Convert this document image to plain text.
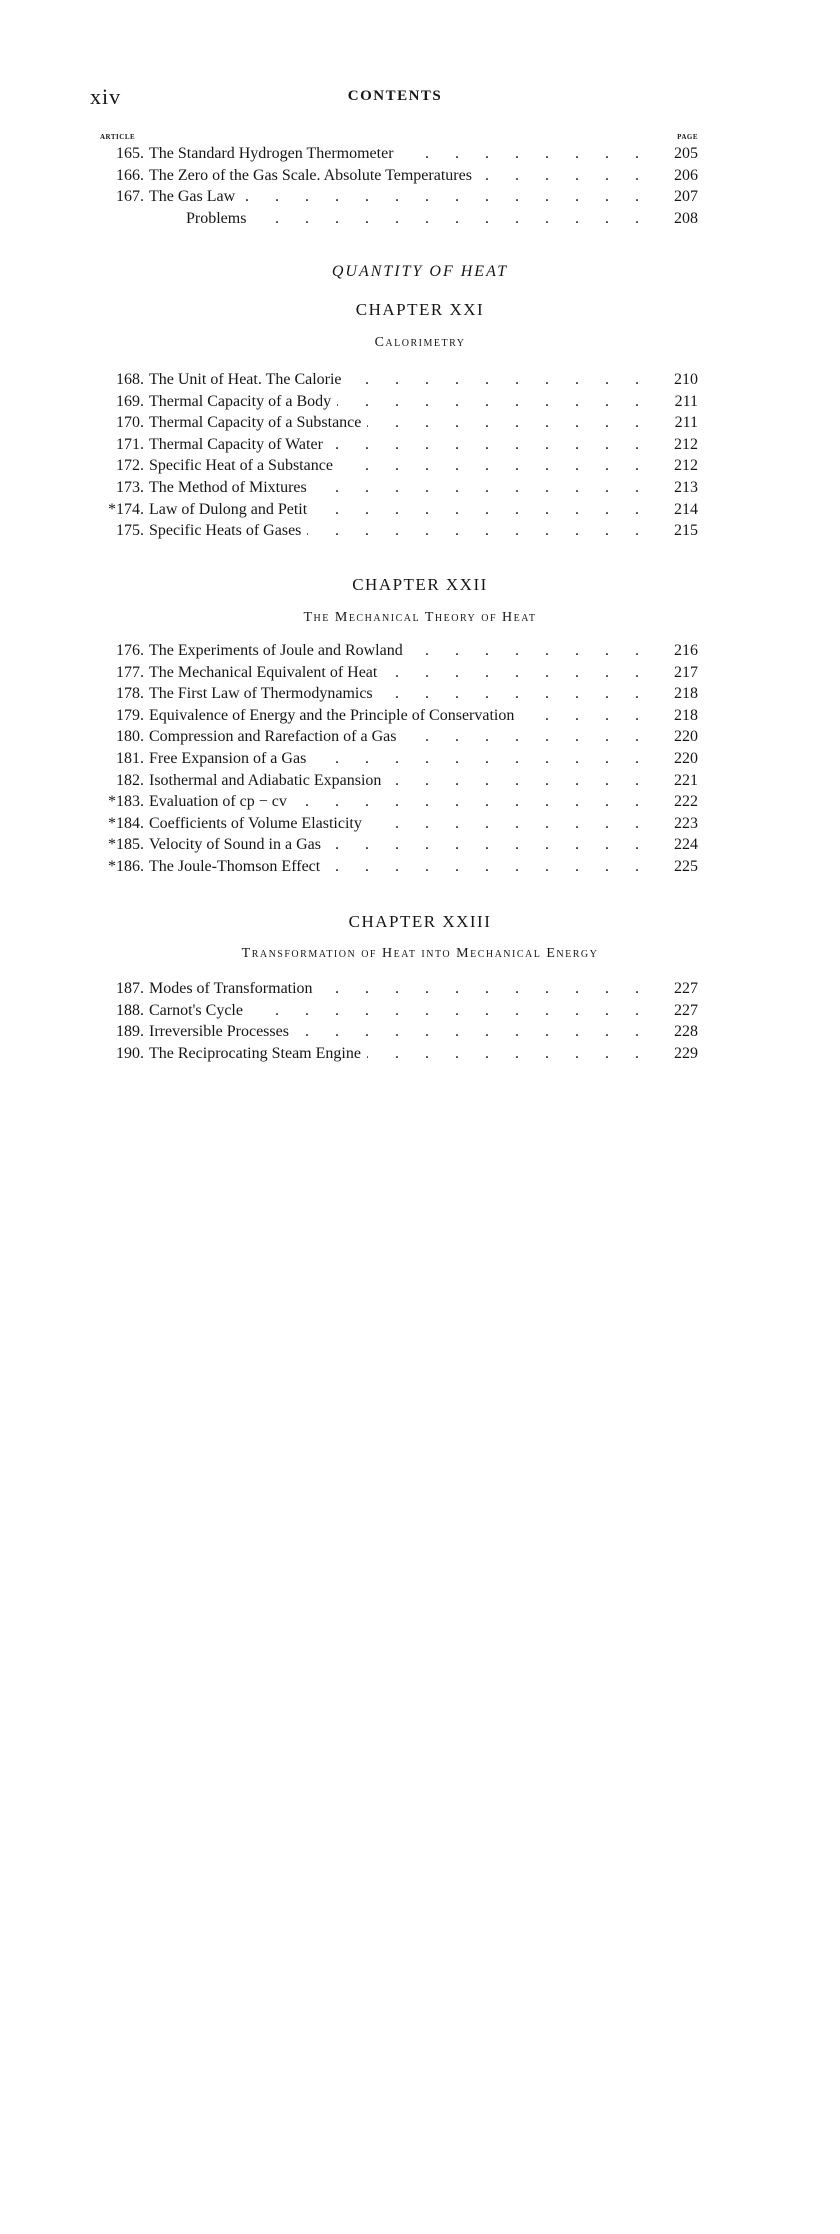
xiv	CONTENTS
ARTICLE	PAGE
165. The Standard Hydrogen Thermometer . . .	205
166. The Zero of the Gas Scale. Absolute Temperatures . . .	206
167. The Gas Law . . .	207
Problems . . .	208
QUANTITY OF HEAT
CHAPTER XXI
Calorimetry
168. The Unit of Heat. The Calorie . . .	210
169. Thermal Capacity of a Body . . .	211
170. Thermal Capacity of a Substance . . .	211
171. Thermal Capacity of Water . . .	212
172. Specific Heat of a Substance . . .	212
173. The Method of Mixtures . . .	213
*174. Law of Dulong and Petit . . .	214
175. Specific Heats of Gases . . .	215
CHAPTER XXII
The Mechanical Theory of Heat
176. The Experiments of Joule and Rowland . . .	216
177. The Mechanical Equivalent of Heat . . .	217
178. The First Law of Thermodynamics . . .	218
179. Equivalence of Energy and the Principle of Conservation . . .	218
180. Compression and Rarefaction of a Gas . . .	220
181. Free Expansion of a Gas . . .	220
182. Isothermal and Adiabatic Expansion . . .	221
*183. Evaluation of cp − cv . . .	222
*184. Coefficients of Volume Elasticity . . .	223
*185. Velocity of Sound in a Gas . . .	224
*186. The Joule-Thomson Effect . . .	225
CHAPTER XXIII
Transformation of Heat into Mechanical Energy
187. Modes of Transformation . . .	227
188. Carnot's Cycle . . .	227
189. Irreversible Processes . . .	228
190. The Reciprocating Steam Engine . . .	229
